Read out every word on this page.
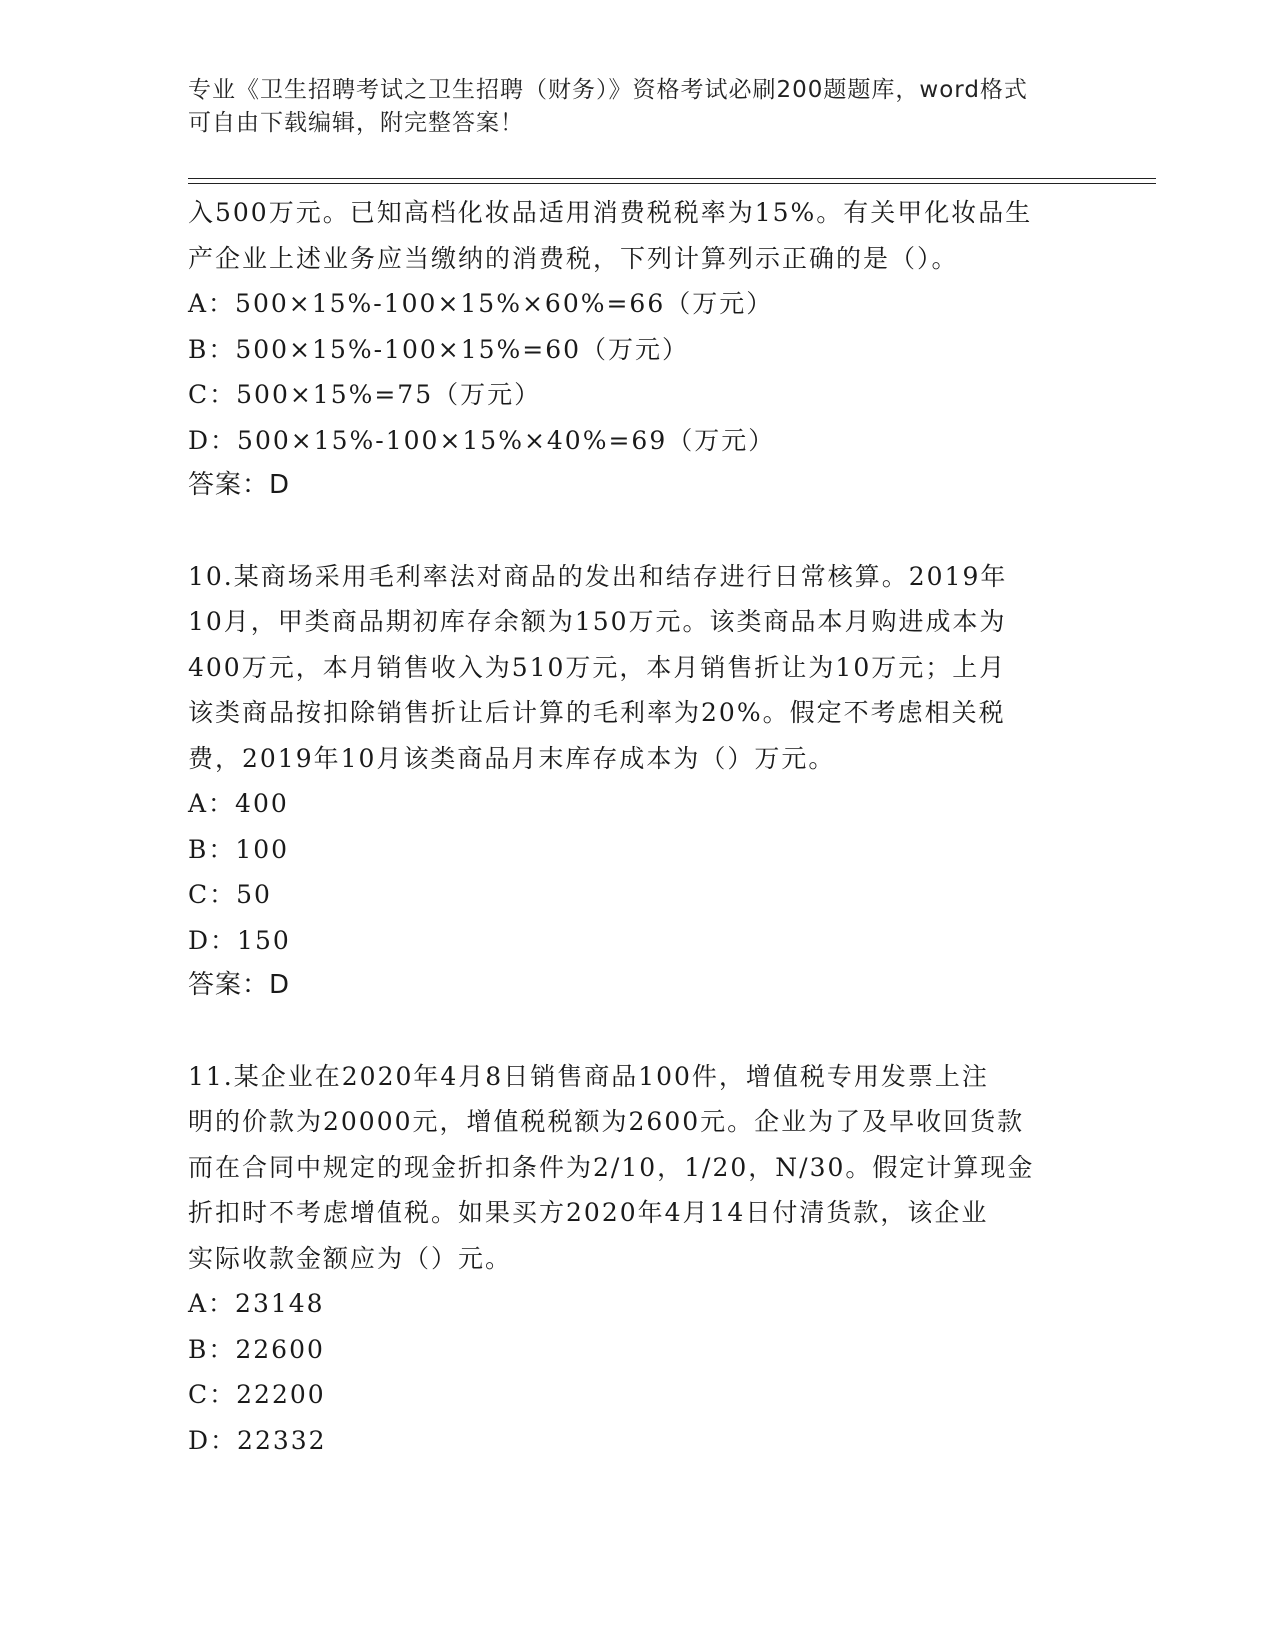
专业《卫生招聘考试之卫生招聘（财务）》资格考试必刷200题题库，word格式
可自由下载编辑，附完整答案！

入500万元。已知高档化妆品适用消费税税率为15%。有关甲化妆品生

产企业上述业务应当缴纳的消费税，下列计算列示正确的是（）。

A：500×15%-100×15%×60%=66（万元）

B：500×15%-100×15%=60（万元）

C：500×15%=75（万元）

D：500×15%-100×15%×40%=69（万元）

答案：D

10.某商场采用毛利率法对商品的发出和结存进行日常核算。2019年

10月，甲类商品期初库存余额为150万元。该类商品本月购进成本为

400万元，本月销售收入为510万元，本月销售折让为10万元；上月

该类商品按扣除销售折让后计算的毛利率为20%。假定不考虑相关税

费，2019年10月该类商品月末库存成本为（）万元。

A：400

B：100

C：50

D：150

答案：D

11.某企业在2020年4月8日销售商品100件，增值税专用发票上注

明的价款为20000元，增值税税额为2600元。企业为了及早收回货款

而在合同中规定的现金折扣条件为2/10，1/20，N/30。假定计算现金

折扣时不考虑增值税。如果买方2020年4月14日付清货款，该企业

实际收款金额应为（）元。

A：23148

B：22600

C：22200

D：22332
